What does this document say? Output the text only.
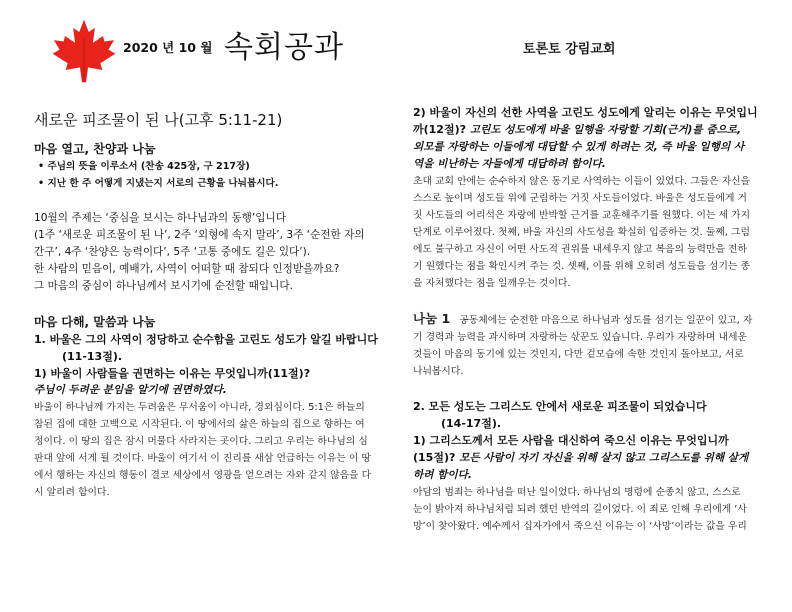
2020 년 10 월 속회공과	토론토 강림교회

새로운 피조물이 된 나(고후 5:11-21)

마음 열고, 찬양과 나눔

• 주님의 뜻을 이루소서 (찬송 425장, 구 217장)
• 지난 한 주 어떻게 지냈는지 서로의 근황을 나눠봅시다.

10월의 주제는 ‘중심을 보시는 하나님과의 동행’입니다

(1주 ‘새로운 피조물이 된 나’, 2주 ‘외형에 속지 말라’, 3주 ‘순전한 자의

간구’, 4주 ‘찬양은 능력이다’, 5주 ‘고통 중에도 길은 있다’).

한 사람의 믿음이, 예배가, 사역이 어떠할 때 참되다 인정받을까요?

그 마음의 중심이 하나님께서 보시기에 순전할 때입니다.

마음 다해, 말씀과 나눔

1. 바울은 그의 사역이 정당하고 순수함을 고린도 성도가 알길 바랍니다

(11-13절).

1) 바울이 사람들을 권면하는 이유는 무엇입니까(11절)?

주님이 두려운 분임을 알기에 권면하였다.

바울이 하나님께 가지는 두려움은 무서움이 아니라, 경외심이다. 5:1은 하늘의

참된 집에 대한 고백으로 시작된다. 이 땅에서의 삶은 하늘의 집으로 향하는 여

정이다. 이 땅의 집은 잠시 머물다 사라지는 곳이다. 그리고 우리는 하나님의 심

판대 앞에 서게 될 것이다. 바울이 여기서 이 진리를 새삼 언급하는 이유는 이 땅

에서 행하는 자신의 행동이 결코 세상에서 영광을 얻으려는 자와 같지 않음을 다

시 알리려 함이다.

2) 바울이 자신의 선한 사역을 고린도 성도에게 알리는 이유는 무엇입니

까(12절)? 고린도 성도에게 바울 일행을 자랑할 기회(근거)를 줌으로,

외모를 자랑하는 이들에게 대답할 수 있게 하려는 것, 즉 바울 일행의 사

역을 비난하는 자들에게 대답하려 함이다.

초대 교회 안에는 순수하지 않은 동기로 사역하는 이들이 있었다. 그들은 자신을

스스로 높이며 성도들 위에 군림하는 거짓 사도들이었다. 바울은 성도들에게 거

짓 사도들의 어리석은 자랑에 반박할 근거를 교훈해주기를 원했다. 이는 세 가지

단계로 이루어졌다. 첫째, 바울 자신의 사도성을 확실히 입증하는 것. 둘째, 그럼

에도 불구하고 자신이 어떤 사도적 권위를 내세우지 않고 복음의 능력만을 전하

기 원했다는 점을 확인시켜 주는 것. 셋째, 이를 위해 오히려 성도들을 섬기는 종

을 자처했다는 점을 일깨우는 것이다.

나눔 1 공동체에는 순전한 마음으로 하나님과 성도를 섬기는 일꾼이 있고, 자

기 경력과 능력을 과시하며 자랑하는 삯꾼도 있습니다. 우리가 자랑하며 내세운

것들이 마음의 동기에 있는 것인지, 다만 겉모습에 속한 것인지 돌아보고, 서로

나눠봅시다.

2. 모든 성도는 그리스도 안에서 새로운 피조물이 되었습니다

(14-17절).

1) 그리스도께서 모든 사람을 대신하여 죽으신 이유는 무엇입니까

(15절)? 모든 사람이 자기 자신을 위해 살지 않고 그리스도를 위해 살게

하려 함이다.

아담의 범죄는 하나님을 떠난 일이었다. 하나님의 명령에 순종치 않고, 스스로

눈이 밝아져 하나님처럼 되려 했던 반역의 길이었다. 이 죄로 인해 우리에게 ‘사

망’이 찾아왔다. 예수께서 십자가에서 죽으신 이유는 이 ‘사망’이라는 값을 우리
